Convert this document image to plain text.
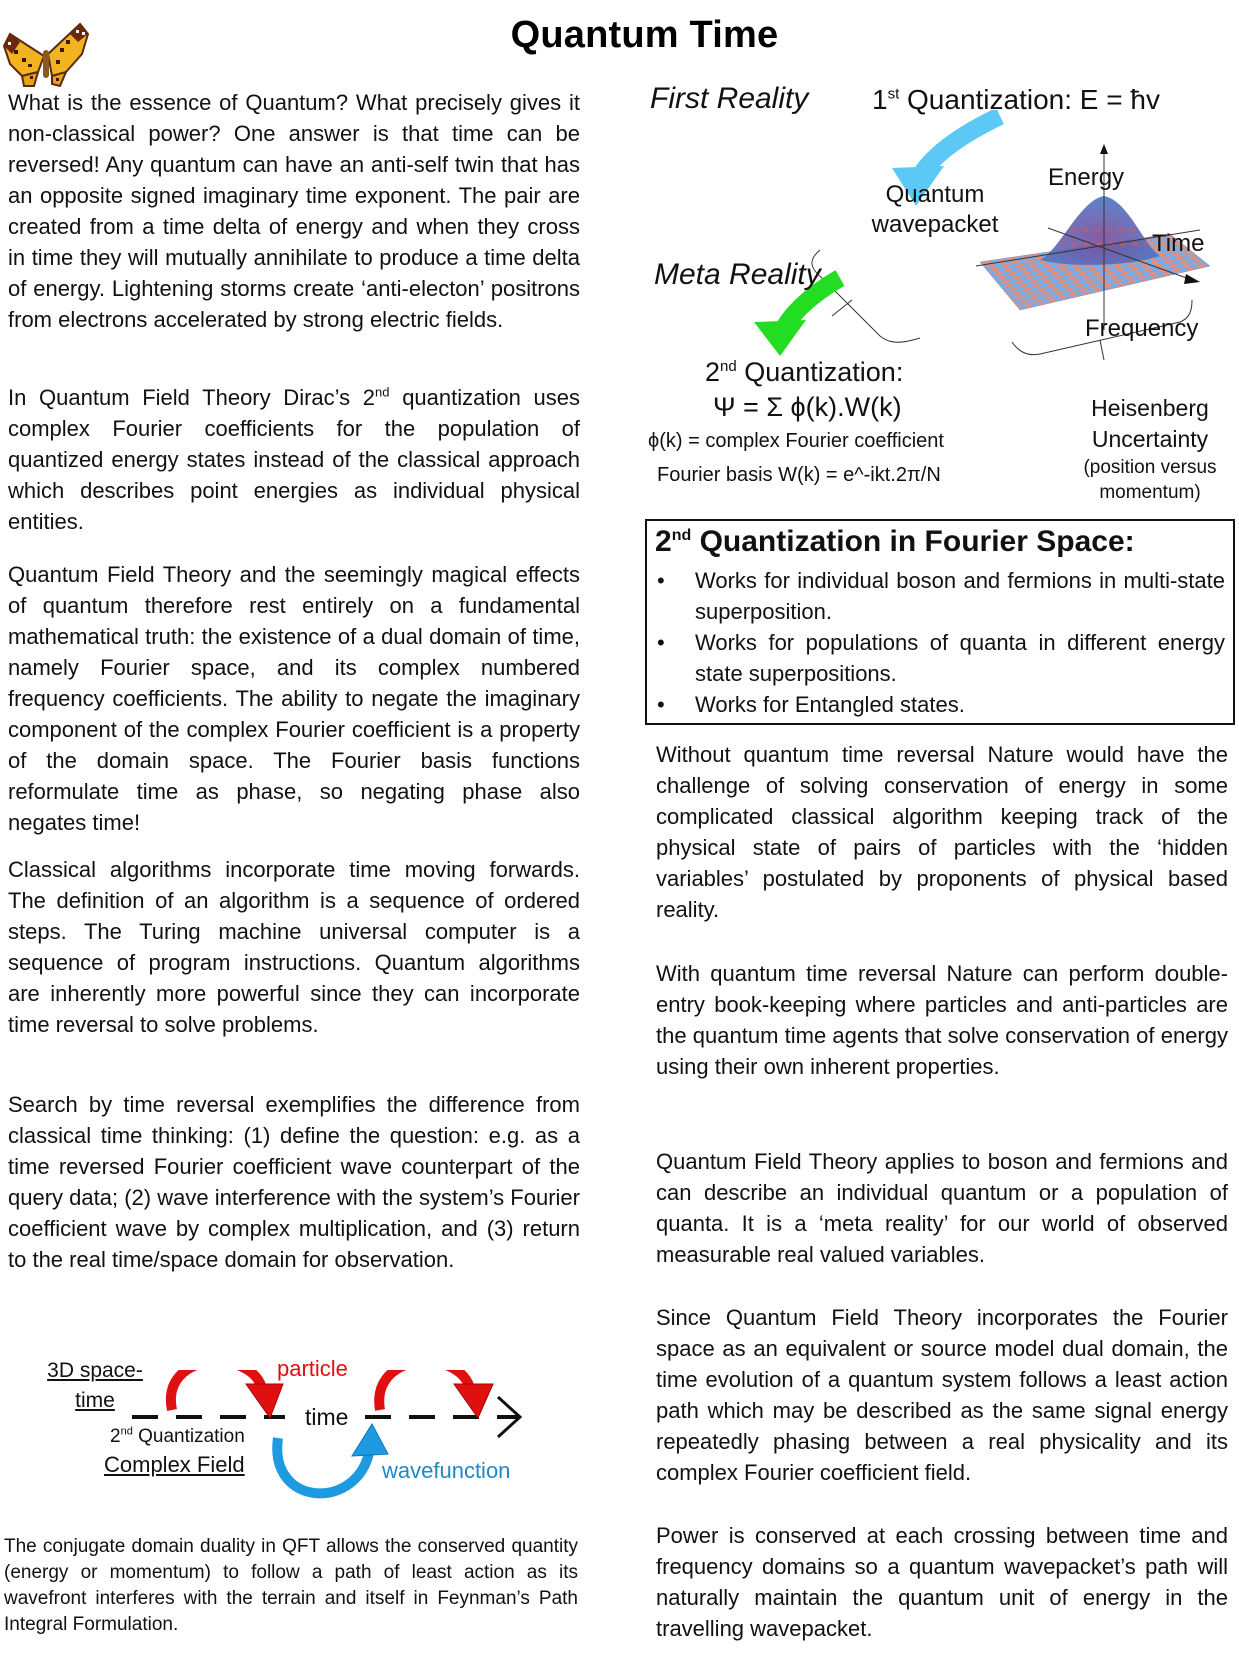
Quantum Time

What is the essence of Quantum? What precisely gives it non-classical power? One answer is that time can be reversed! Any quantum can have an anti-self twin that has an opposite signed imaginary time exponent. The pair are created from a time delta of energy and when they cross in time they will mutually annihilate to produce a time delta of energy. Lightening storms create ‘anti-electon’ positrons from electrons accelerated by strong electric fields.

In Quantum Field Theory Dirac’s 2nd quantization uses complex Fourier coefficients for the population of quantized energy states instead of the classical approach which describes point energies as individual physical entities.

Quantum Field Theory and the seemingly magical effects of quantum therefore rest entirely on a fundamental mathematical truth: the existence of a dual domain of time, namely Fourier space, and its complex numbered frequency coefficients. The ability to negate the imaginary component of the complex Fourier coefficient is a property of the domain space. The Fourier basis functions reformulate time as phase, so negating phase also negates time!

Classical algorithms incorporate time moving forwards. The definition of an algorithm is a sequence of ordered steps. The Turing machine universal computer is a sequence of program instructions. Quantum algorithms are inherently more powerful since they can incorporate time reversal to solve problems.

Search by time reversal exemplifies the difference from classical time thinking: (1) define the question: e.g. as a time reversed Fourier coefficient wave counterpart of the query data; (2) wave interference with the system’s Fourier coefficient wave by complex multiplication, and (3) return to the real time/space domain for observation.

3D space-
time
particle
time
2nd Quantization
Complex Field	wavefunction

The conjugate domain duality in QFT allows the conserved quantity (energy or momentum) to follow a path of least action as its wavefront interferes with the terrain and itself in Feynman’s Path Integral Formulation.

First Reality 1st Quantization: E = ħv
Quantum
wavepacket
Energy
Time
Meta Reality
Frequency
2nd Quantization:
Ψ = Σ ϕ(k).W(k)
ϕ(k) = complex Fourier coefficient
Fourier basis W(k) = e^-ikt.2π/N
Heisenberg
Uncertainty
(position versus
momentum)
2nd Quantization in Fourier Space:
• Works for individual boson and fermions in multi-state superposition.
• Works for populations of quanta in different energy state superpositions.
• Works for Entangled states.

Without quantum time reversal Nature would have the challenge of solving conservation of energy in some complicated classical algorithm keeping track of the physical state of pairs of particles with the ‘hidden variables’ postulated by proponents of physical based reality.

With quantum time reversal Nature can perform double-entry book-keeping where particles and anti-particles are the quantum time agents that solve conservation of energy using their own inherent properties.

Quantum Field Theory applies to boson and fermions and can describe an individual quantum or a population of quanta. It is a ‘meta reality’ for our world of observed measurable real valued variables.

Since Quantum Field Theory incorporates the Fourier space as an equivalent or source model dual domain, the time evolution of a quantum system follows a least action path which may be described as the same signal energy repeatedly phasing between a real physicality and its complex Fourier coefficient field.

Power is conserved at each crossing between time and frequency domains so a quantum wavepacket’s path will naturally maintain the quantum unit of energy in the travelling wavepacket.
